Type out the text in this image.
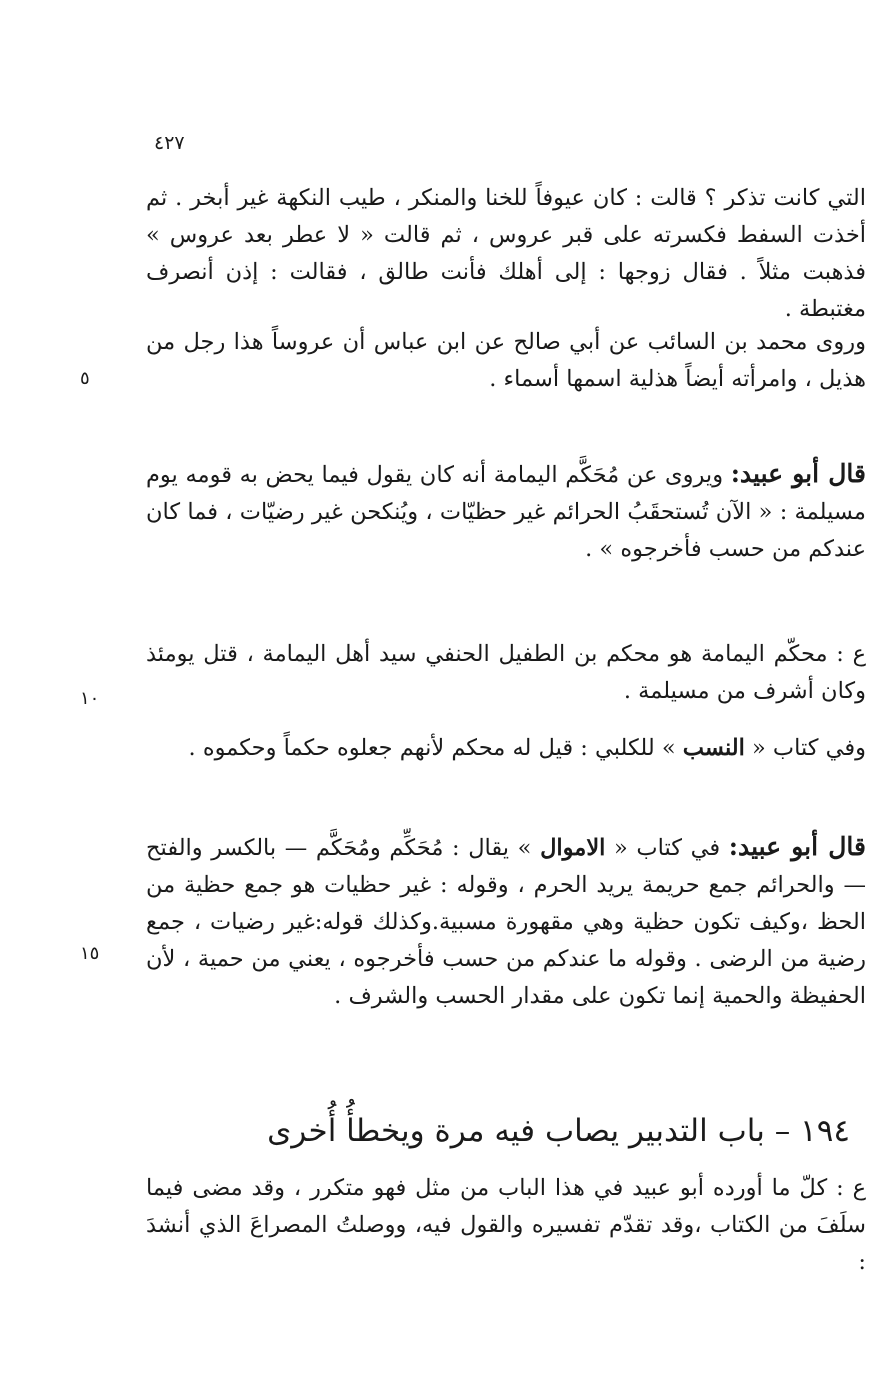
٤٢٧
٥
١٠
١٥

التي كانت تذكر ؟ قالت : كان عيوفاً للخنا والمنكر ، طيب النكهة غير أبخر . ثم أخذت السفط فكسرته على قبر عروس ، ثم قالت « لا عطر بعد عروس » فذهبت مثلاً . فقال زوجها : إلى أهلك فأنت طالق ، فقالت : إذن أنصرف مغتبطة .

وروى محمد بن السائب عن أبي صالح عن ابن عباس أن عروساً هذا رجل من هذيل ، وامرأته أيضاً هذلية اسمها أسماء .

قال أبو عبيد: ويروى عن مُحَكَّم اليمامة أنه كان يقول فيما يحض به قومه يوم مسيلمة : « الآن تُستحقَبُ الحرائم غير حظيّات ، ويُنكحن غير رضيّات ، فما كان عندكم من حسب فأخرجوه » .

ع : محكّم اليمامة هو محكم بن الطفيل الحنفي سيد أهل اليمامة ، قتل يومئذ وكان أشرف من مسيلمة .

وفي كتاب « النسب » للكلبي : قيل له محكم لأنهم جعلوه حكماً وحكموه .

قال أبو عبيد: في كتاب « الاموال » يقال : مُحَكِّم ومُحَكَّم — بالكسر والفتح — والحرائم جمع حريمة يريد الحرم ، وقوله : غير حظيات هو جمع حظية من الحظ ،وكيف تكون حظية وهي مقهورة مسبية.وكذلك قوله:غير رضيات ، جمع رضية من الرضى . وقوله ما عندكم من حسب فأخرجوه ، يعني من حمية ، لأن الحفيظة والحمية إنما تكون على مقدار الحسب والشرف .

١٩٤ – باب التدبير يصاب فيه مرة ويخطأُ أُخرى

ع : كلّ ما أورده أبو عبيد في هذا الباب من مثل فهو متكرر ، وقد مضى فيما سلَفَ من الكتاب ،وقد تقدّم تفسيره والقول فيه، ووصلتُ المصراعَ الذي أنشدَ :
